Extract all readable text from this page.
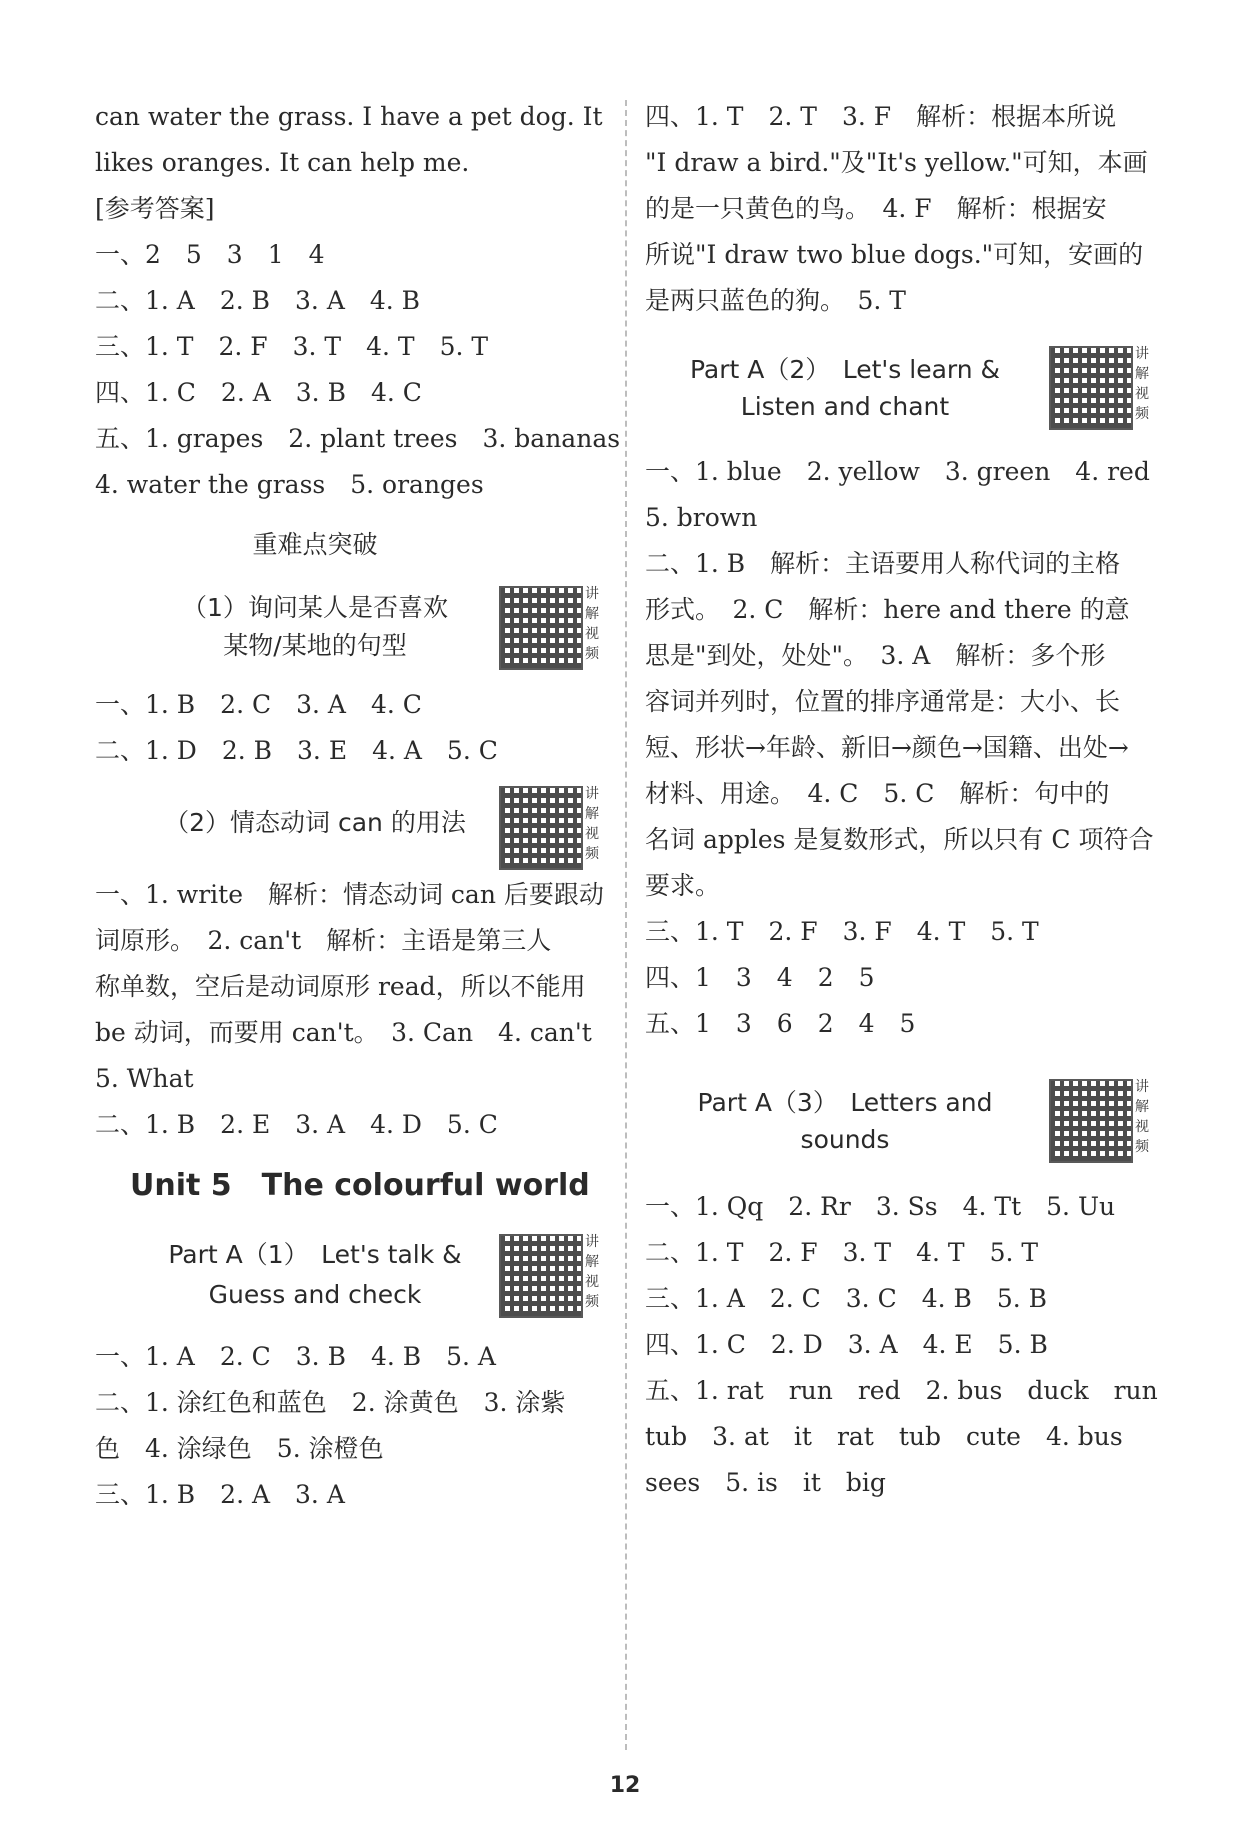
can water the grass. I have a pet dog. It
likes oranges. It can help me.
[参考答案]
一、2　5　3　1　4
二、1. A　2. B　3. A　4. B
三、1. T　2. F　3. T　4. T　5. T
四、1. C　2. A　3. B　4. C
五、1. grapes　2. plant trees　3. bananas
4. water the grass　5. oranges
重难点突破
（1）询问某人是否喜欢
某物/某地的句型
讲
解
视
频
一、1. B　2. C　3. A　4. C
二、1. D　2. B　3. E　4. A　5. C
（2）情态动词 can 的用法
讲
解
视
频
一、1. write　解析：情态动词 can 后要跟动
词原形。　2. can't　解析：主语是第三人
称单数，空后是动词原形 read，所以不能用
be 动词，而要用 can't。　3. Can　4. can't
5. What
二、1. B　2. E　3. A　4. D　5. C
Unit 5　The colourful world
Part A（1）　Let's talk &
Guess and check
讲
解
视
频
一、1. A　2. C　3. B　4. B　5. A
二、1. 涂红色和蓝色　2. 涂黄色　3. 涂紫
色　4. 涂绿色　5. 涂橙色
三、1. B　2. A　3. A
四、1. T　2. T　3. F　解析：根据本所说
"I draw a bird."及"It's yellow."可知，本画
的是一只黄色的鸟。　4. F　解析：根据安
所说"I draw two blue dogs."可知，安画的
是两只蓝色的狗。　5. T
Part A（2）　Let's learn &
Listen and chant
讲
解
视
频
一、1. blue　2. yellow　3. green　4. red
5. brown
二、1. B　解析：主语要用人称代词的主格
形式。　2. C　解析：here and there 的意
思是"到处，处处"。　3. A　解析：多个形
容词并列时，位置的排序通常是：大小、长
短、形状→年龄、新旧→颜色→国籍、出处→
材料、用途。　4. C　5. C　解析：句中的
名词 apples 是复数形式，所以只有 C 项符合
要求。
三、1. T　2. F　3. F　4. T　5. T
四、1　3　4　2　5
五、1　3　6　2　4　5
Part A（3）　Letters and
sounds
讲
解
视
频
一、1. Qq　2. Rr　3. Ss　4. Tt　5. Uu
二、1. T　2. F　3. T　4. T　5. T
三、1. A　2. C　3. C　4. B　5. B
四、1. C　2. D　3. A　4. E　5. B
五、1. rat　run　red　2. bus　duck　run
tub　3. at　it　rat　tub　cute　4. bus
sees　5. is　it　big
12
